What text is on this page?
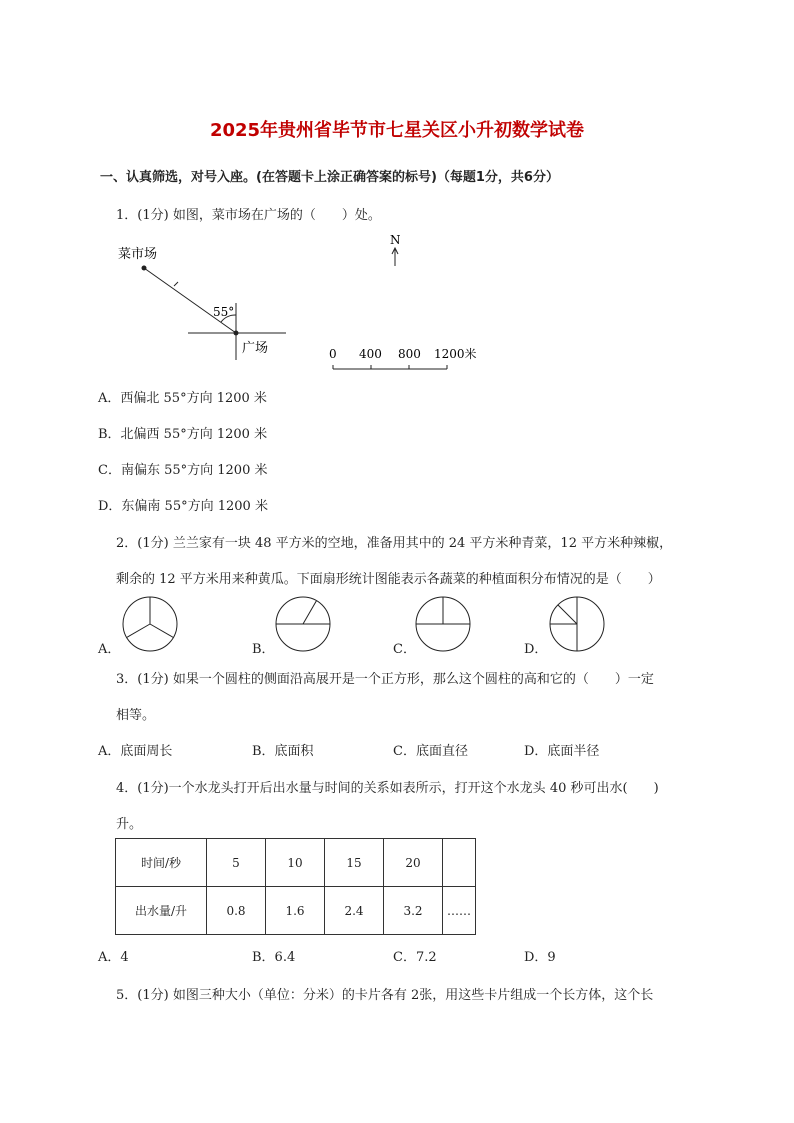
2025年贵州省毕节市七星关区小升初数学试卷
一、认真筛选，对号入座。(在答题卡上涂正确答案的标号)（每题1分，共6分）
1．(1分) 如图，菜市场在广场的（　　）处。
菜市场
55°
广场
N
0 400 800 1200米
A．西偏北 55°方向 1200 米
B．北偏西 55°方向 1200 米
C．南偏东 55°方向 1200 米
D．东偏南 55°方向 1200 米
2．(1分) 兰兰家有一块 48 平方米的空地，准备用其中的 24 平方米种青菜，12 平方米种辣椒，
剩余的 12 平方米用来种黄瓜。下面扇形统计图能表示各蔬菜的种植面积分布情况的是（　　）
A．	B．	C．	D．
3．(1分) 如果一个圆柱的侧面沿高展开是一个正方形，那么这个圆柱的高和它的（　　）一定
相等。
A．底面周长	B．底面积	C．底面直径	D．底面半径
4．(1分)一个水龙头打开后出水量与时间的关系如表所示，打开这个水龙头 40 秒可出水(　　)
升。
时间/秒	5	10	15	20	
出水量/升	0.8	1.6	2.4	3.2	……
A．4	B．6.4	C．7.2	D．9
5．(1分) 如图三种大小（单位：分米）的卡片各有 2张，用这些卡片组成一个长方体，这个长
